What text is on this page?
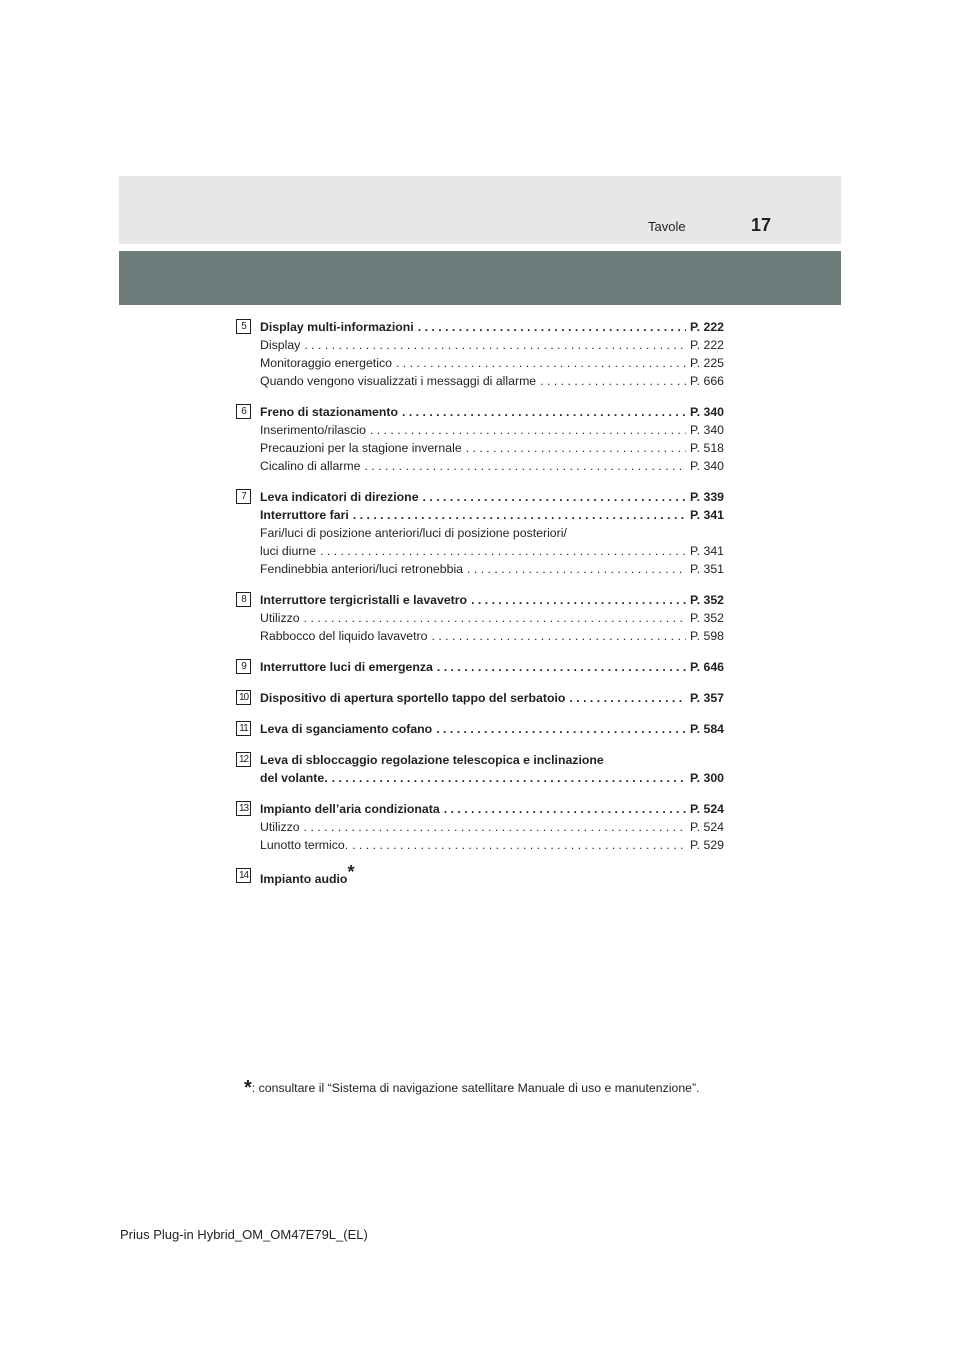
Tavole	17
5	Display multi-informazioni . . .	P. 222
Display . . .	P. 222
Monitoraggio energetico . . .	P. 225
Quando vengono visualizzati i messaggi di allarme . . .	P. 666
6	Freno di stazionamento . . .	P. 340
Inserimento/rilascio . . .	P. 340
Precauzioni per la stagione invernale . . .	P. 518
Cicalino di allarme . . .	P. 340
7	Leva indicatori di direzione . . .	P. 339
Interruttore fari . . .	P. 341
Fari/luci di posizione anteriori/luci di posizione posteriori/
luci diurne . . .	P. 341
Fendinebbia anteriori/luci retronebbia . . .	P. 351
8	Interruttore tergicristalli e lavavetro . . .	P. 352
Utilizzo . . .	P. 352
Rabbocco del liquido lavavetro . . .	P. 598
9	Interruttore luci di emergenza . . .	P. 646
10 Dispositivo di apertura sportello tappo del serbatoio . . .	P. 357
11 Leva di sganciamento cofano . . .	P. 584
12 Leva di sbloccaggio regolazione telescopica e inclinazione
del volante. . . .	P. 300
13 Impianto dell’aria condizionata . . .	P. 524
Utilizzo . . .	P. 524
Lunotto termico. . . .	P. 529
14 Impianto audio*
*: consultare il “Sistema di navigazione satellitare Manuale di uso e manutenzione”.
Prius Plug-in Hybrid_OM_OM47E79L_(EL)
